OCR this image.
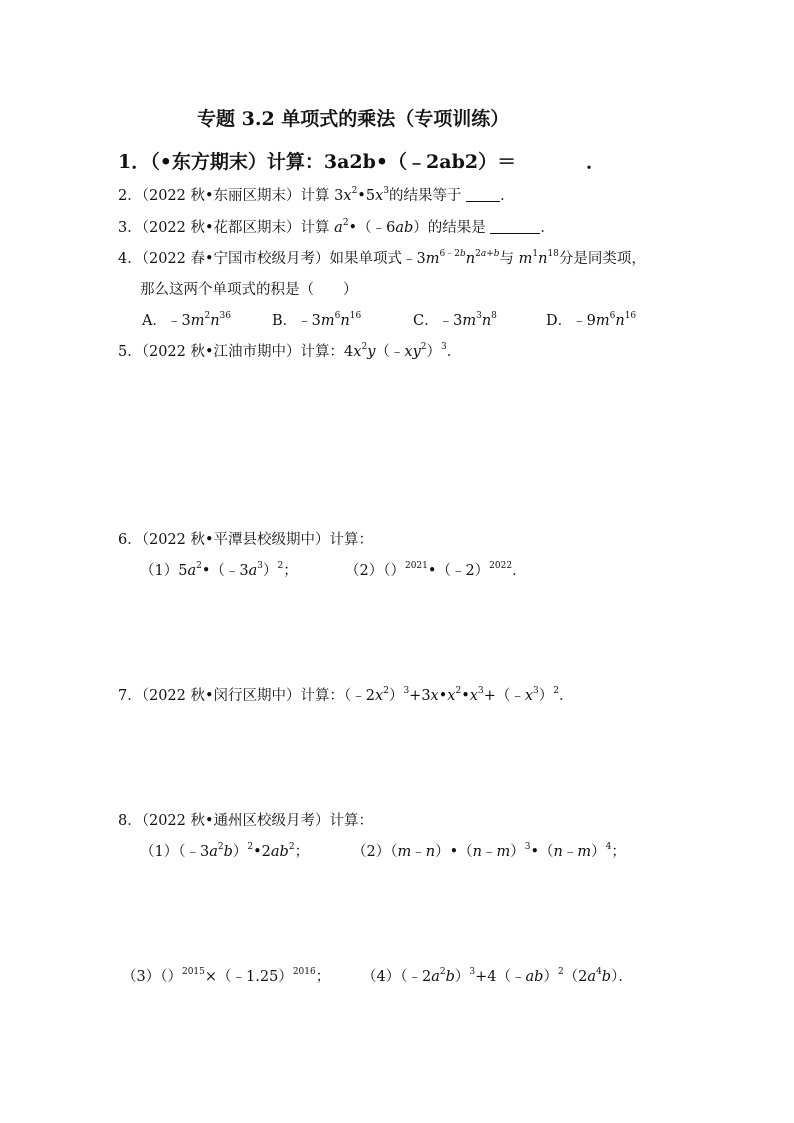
专题 3.2 单项式的乘法（专项训练）
1．（•东方期末）计算：3a2b•（﹣2ab2）＝	．
2．（2022 秋•东丽区期末）计算 $3x^2•5x^3$的结果等于	．
3．（2022 秋•花都区期末）计算 $a^2•(﹣6ab)$的结果是	．
4．（2022 春•宁国市校级月考）如果单项式$﹣3m^{6﹣2b}n^{2a+b}$与 $m^1n^{18}$分是同类项，
那么这两个单项式的积是（　　）
A．$﹣3m^2n^{36}$	B．$﹣3m^6n^{16}$	C．$﹣3m^3n^8$	D．$﹣9m^6n^{16}$
5．（2022 秋•江油市期中）计算：$4x^2y(﹣xy^2)^3$．
6．（2022 秋•平潭县校级期中）计算：
$(1)5a^2•(﹣3a^3)^2$；	（2）（）$^{2021}$•（﹣2）$^{2022}$．
7．（2022 秋•闵行区期中）计算：$(﹣2x^2)^3+3x•x^2•x^3+(﹣x^3)^2$．
8．（2022 秋•通州区校级月考）计算：
$(1)(﹣3a^2b)^2•2ab^2$；	（2）（m﹣n）•（n﹣m）$^3$•（n﹣m）$^4$；
（3）（）$^{2015}$×（﹣1.25）$^{2016}$； $(4)(﹣2a^2b)^3+4(﹣ab)^2(2a^4b)$．
